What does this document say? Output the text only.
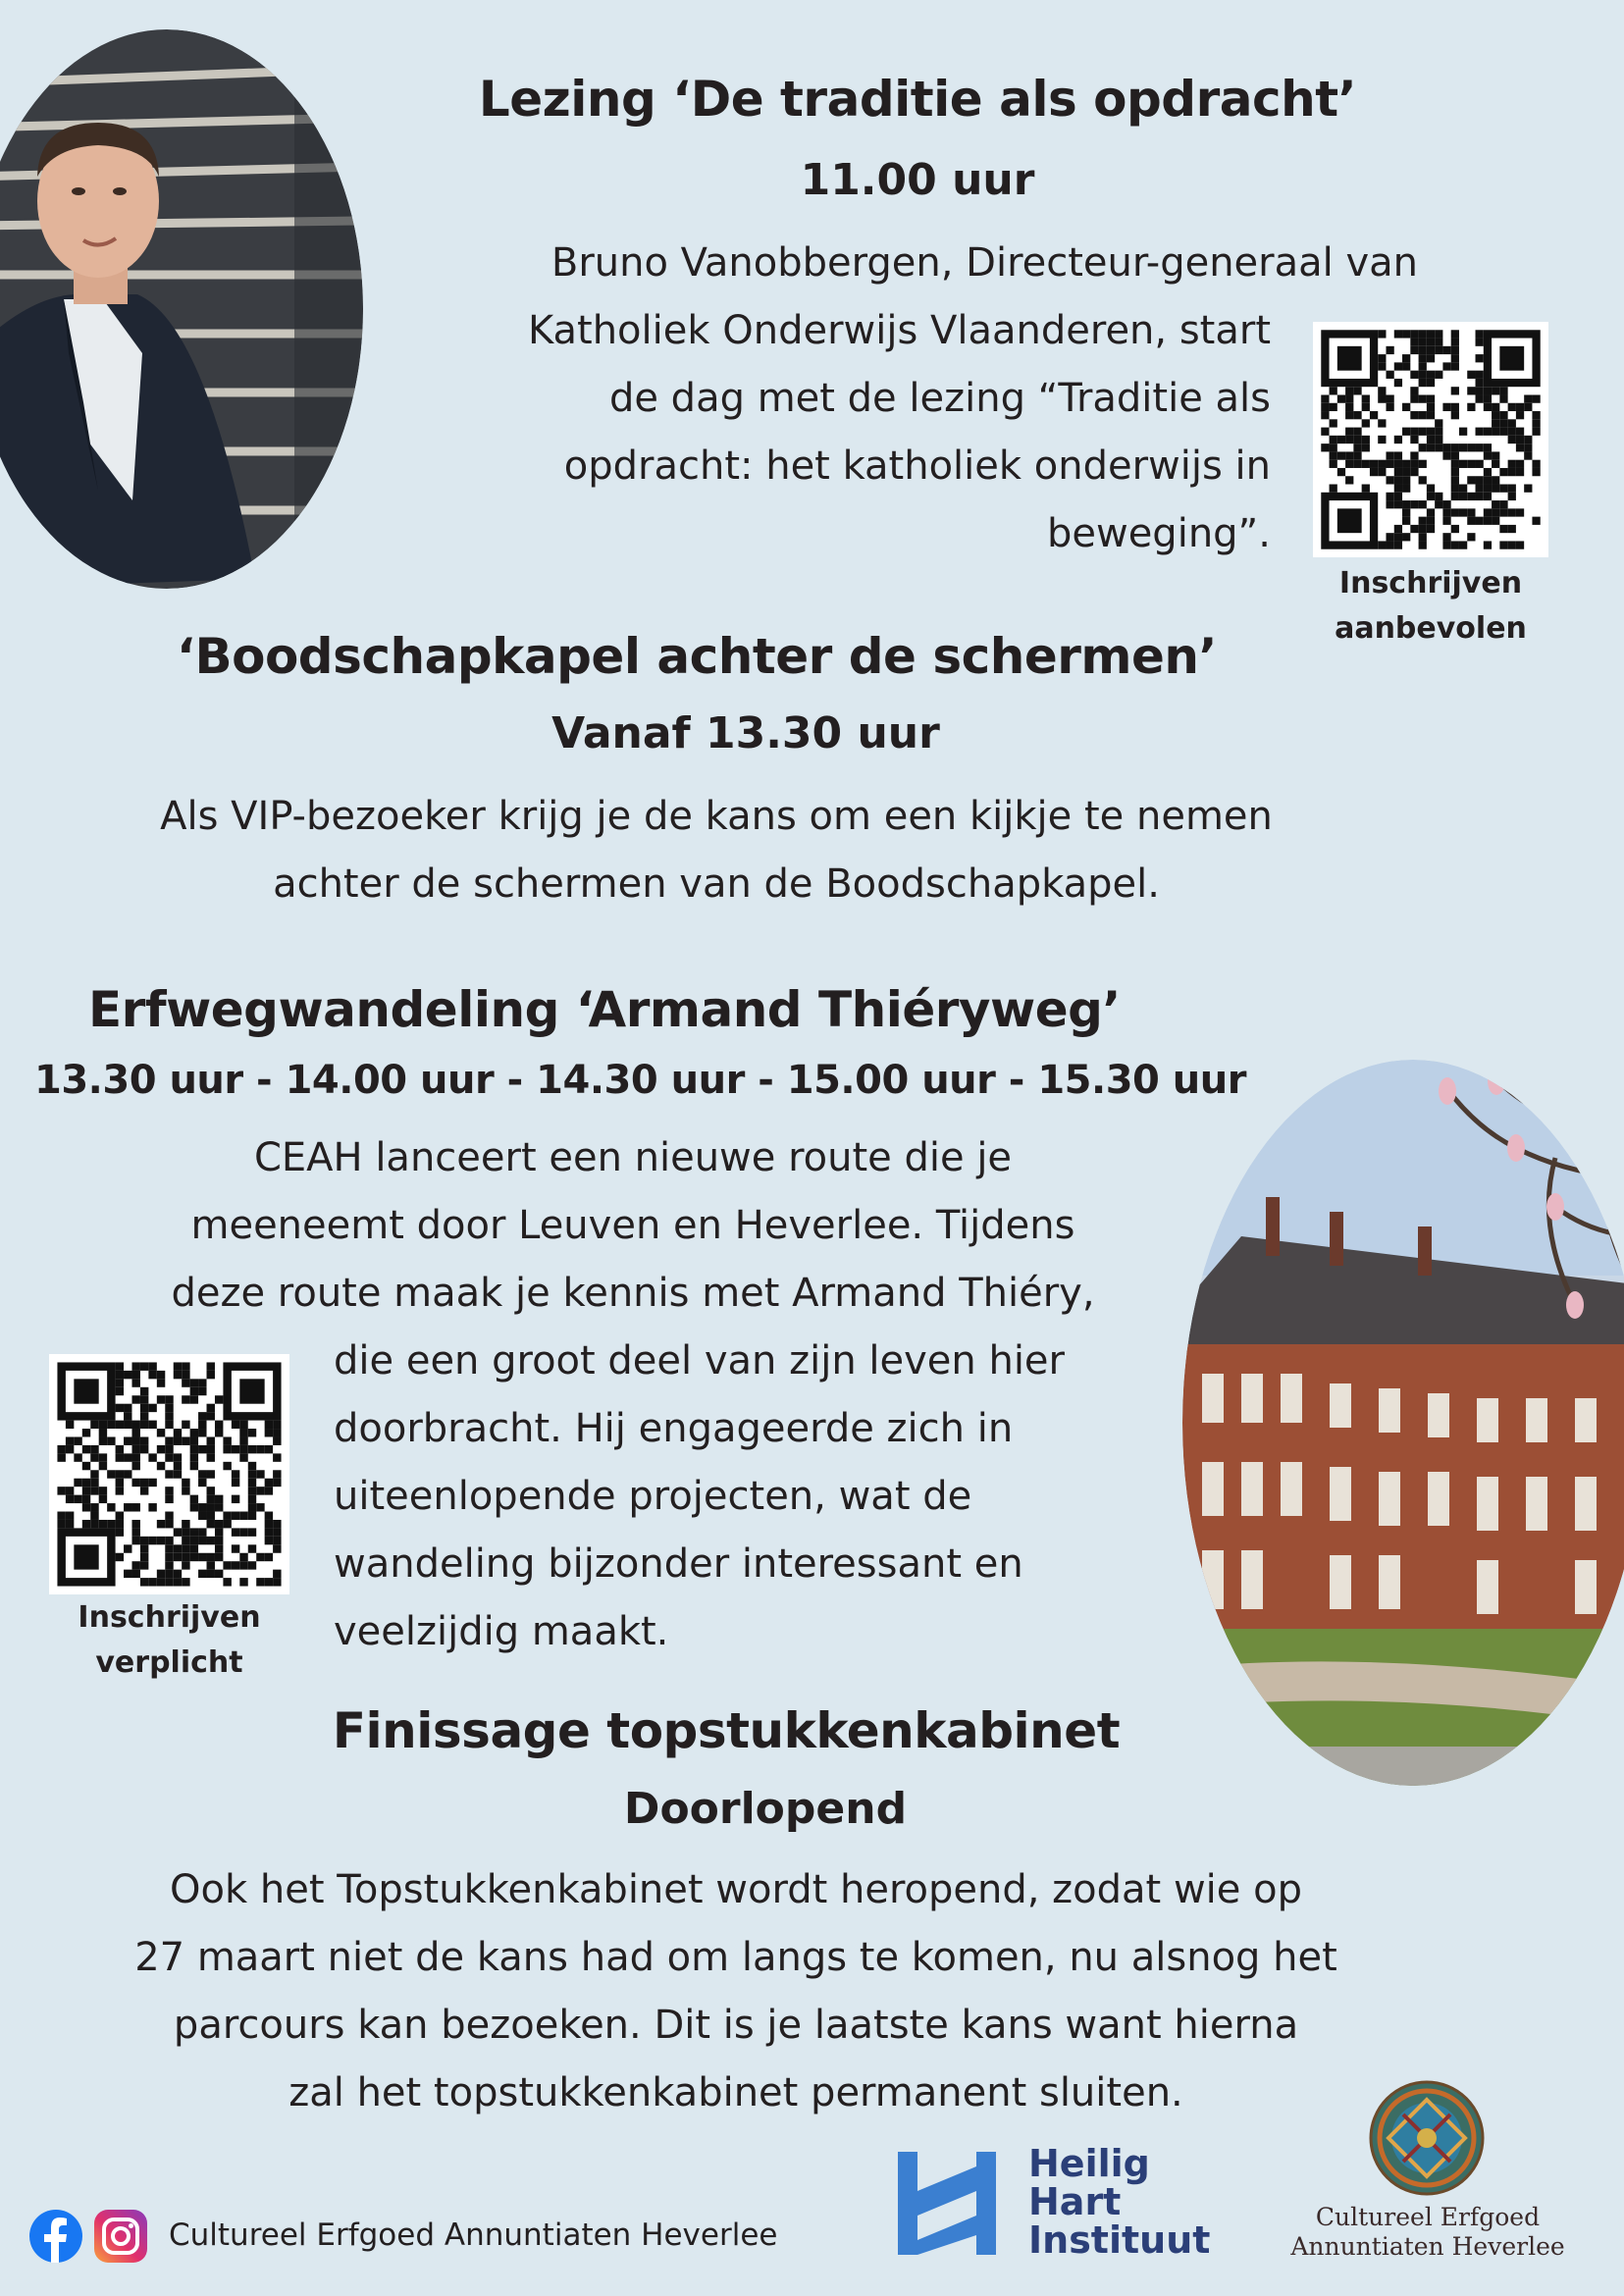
Lezing ‘De traditie als opdracht’
11.00 uur
Bruno Vanobbergen, Directeur-generaal van
Katholiek Onderwijs Vlaanderen, start
de dag met de lezing “Traditie als
opdracht: het katholiek onderwijs in
beweging”.
Inschrijven
aanbevolen
‘Boodschapkapel achter de schermen’
Vanaf 13.30 uur
Als VIP-bezoeker krijg je de kans om een kijkje te nemen
achter de schermen van de Boodschapkapel.
Erfwegwandeling ‘Armand Thiéryweg’
13.30 uur - 14.00 uur - 14.30 uur - 15.00 uur - 15.30 uur
CEAH lanceert een nieuwe route die je
meeneemt door Leuven en Heverlee. Tijdens
deze route maak je kennis met Armand Thiéry,
die een groot deel van zijn leven hier
doorbracht. Hij engageerde zich in
uiteenlopende projecten, wat de
wandeling bijzonder interessant en
veelzijdig maakt.
Inschrijven
verplicht
Finissage topstukkenkabinet
Doorlopend
Ook het Topstukkenkabinet wordt heropend, zodat wie op
27 maart niet de kans had om langs te komen, nu alsnog het
parcours kan bezoeken. Dit is je laatste kans want hierna
zal het topstukkenkabinet permanent sluiten.
Cultureel Erfgoed Annuntiaten Heverlee
Heilig
Hart
Instituut
Cultureel Erfgoed
Annuntiaten Heverlee
